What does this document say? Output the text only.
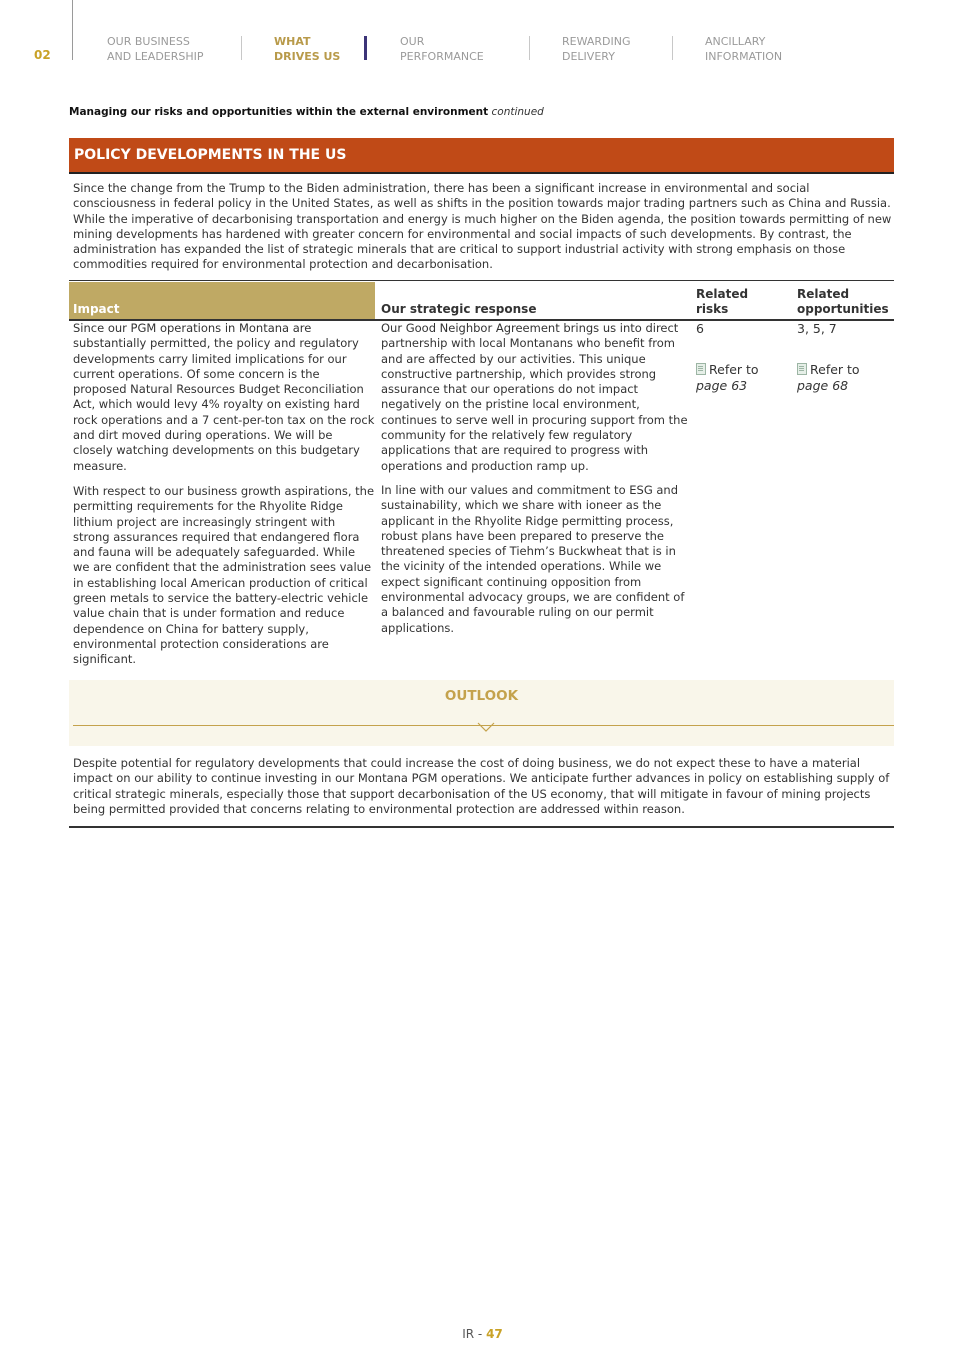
02
OUR BUSINESS
AND LEADERSHIP
WHAT
DRIVES US
OUR
PERFORMANCE
REWARDING
DELIVERY
ANCILLARY
INFORMATION
Managing our risks and opportunities within the external environment continued
POLICY DEVELOPMENTS IN THE US

Since the change from the Trump to the Biden administration, there has been a significant increase in environmental and social consciousness in federal policy in the United States, as well as shifts in the position towards major trading partners such as China and Russia. While the imperative of decarbonising transportation and energy is much higher on the Biden agenda, the position towards permitting of new mining developments has hardened with greater concern for environmental and social impacts of such developments. By contrast, the administration has expanded the list of strategic minerals that are critical to support industrial activity with strong emphasis on those commodities required for environmental protection and decarbonisation.

Impact	Our strategic response
Related
risks
Related
opportunities

Since our PGM operations in Montana are substantially permitted, the policy and regulatory developments carry limited implications for our current operations. Of some concern is the proposed Natural Resources Budget Reconciliation Act, which would levy 4% royalty on existing hard rock operations and a 7 cent-per-ton tax on the rock and dirt moved during operations. We will be closely watching developments on this budgetary measure.

Our Good Neighbor Agreement brings us into direct partnership with local Montanans who benefit from and are affected by our activities. This unique constructive partnership, which provides strong assurance that our operations do not impact negatively on the pristine local environment, continues to serve well in procuring support from the community for the relatively few regulatory applications that are required to progress with operations and production ramp up.

With respect to our business growth aspirations, the permitting requirements for the Rhyolite Ridge lithium project are increasingly stringent with strong assurances required that endangered flora and fauna will be adequately safeguarded. While we are confident that the administration sees value in establishing local American production of critical green metals to service the battery-electric vehicle value chain that is under formation and reduce dependence on China for battery supply, environmental protection considerations are significant.

In line with our values and commitment to ESG and sustainability, which we share with ioneer as the applicant in the Rhyolite Ridge permitting process, robust plans have been prepared to preserve the threatened species of Tiehm’s Buckwheat that is in the vicinity of the intended operations. While we expect significant continuing opposition from environmental advocacy groups, we are confident of a balanced and favourable ruling on our permit applications.

6
Refer to
page 63
3, 5, 7
Refer to
page 68
OUTLOOK

Despite potential for regulatory developments that could increase the cost of doing business, we do not expect these to have a material impact on our ability to continue investing in our Montana PGM operations. We anticipate further advances in policy on establishing supply of critical strategic minerals, especially those that support decarbonisation of the US economy, that will mitigate in favour of mining projects being permitted provided that concerns relating to environmental protection are addressed within reason.

IR - 47
